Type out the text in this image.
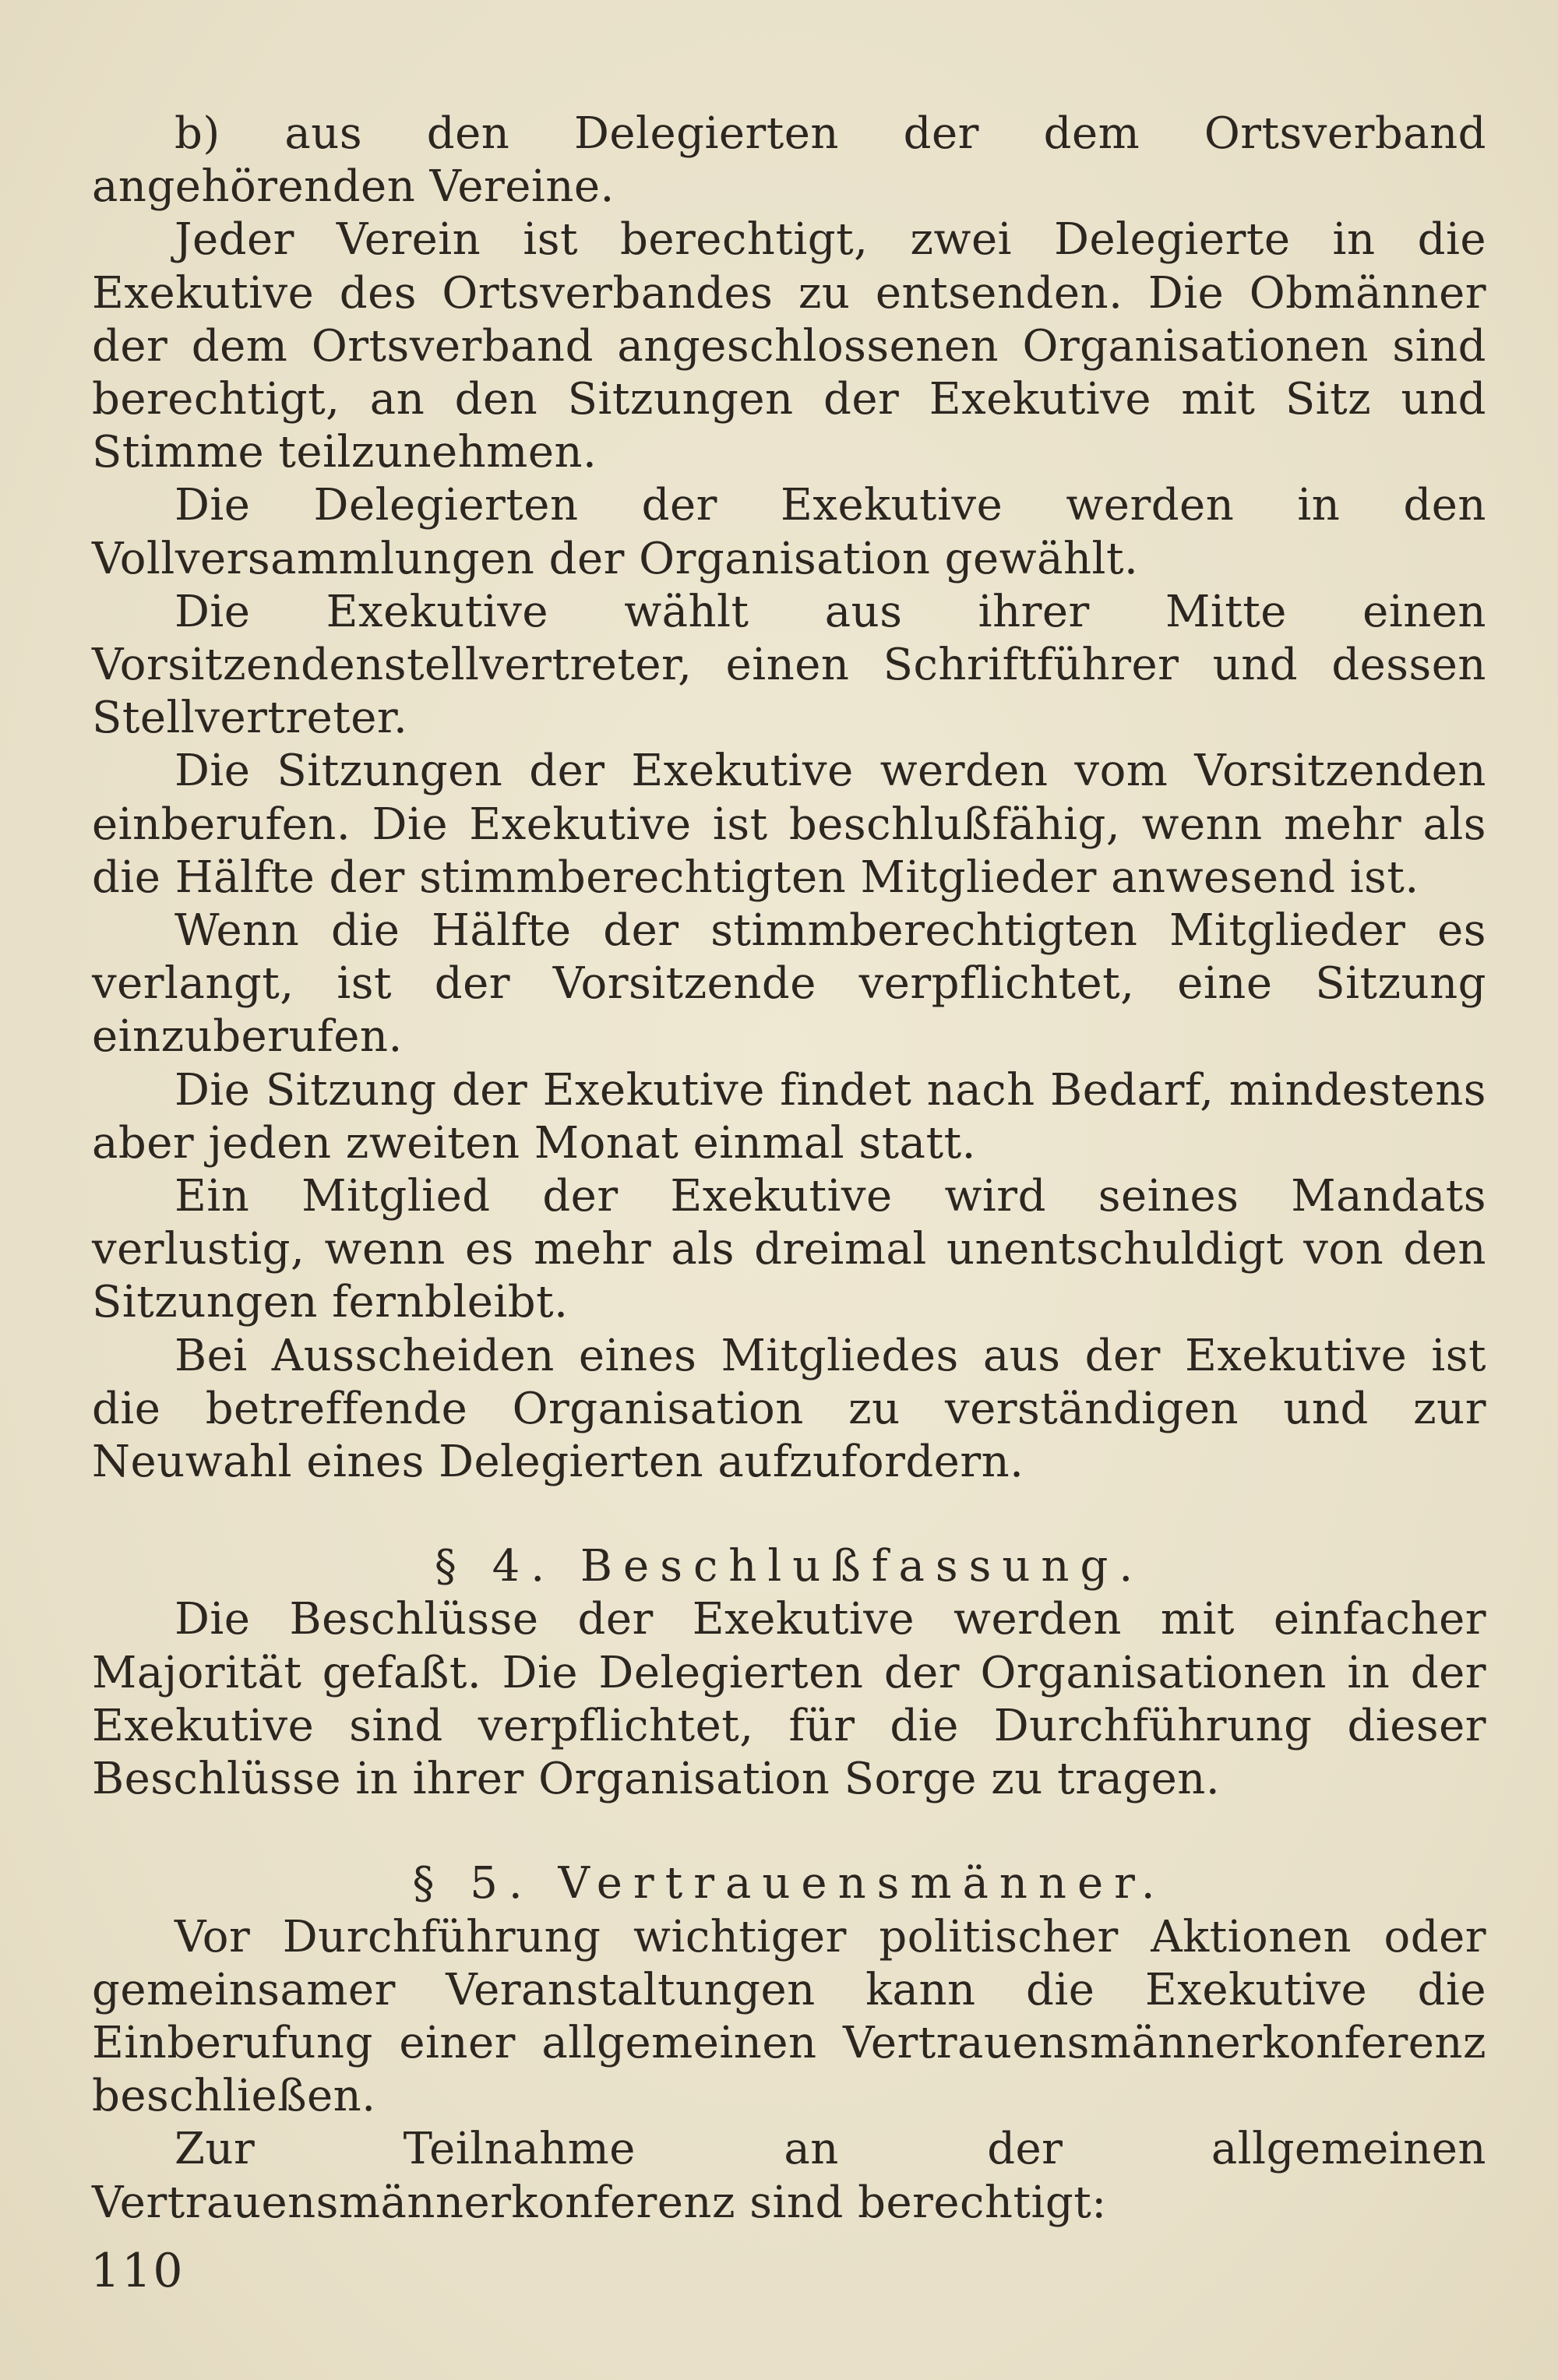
b) aus den Delegierten der dem Ortsverband angehörenden Vereine.

Jeder Verein ist berechtigt, zwei Delegierte in die Exekutive des Ortsverbandes zu entsenden. Die Obmänner der dem Ortsverband angeschlossenen Organisationen sind berechtigt, an den Sitzungen der Exekutive mit Sitz und Stimme teilzunehmen.

Die Delegierten der Exekutive werden in den Vollversammlungen der Organisation gewählt.

Die Exekutive wählt aus ihrer Mitte einen Vorsitzendenstellvertreter, einen Schriftführer und dessen Stellvertreter.

Die Sitzungen der Exekutive werden vom Vorsitzenden einberufen. Die Exekutive ist beschlußfähig, wenn mehr als die Hälfte der stimmberechtigten Mitglieder anwesend ist.

Wenn die Hälfte der stimmberechtigten Mitglieder es verlangt, ist der Vorsitzende verpflichtet, eine Sitzung einzuberufen.

Die Sitzung der Exekutive findet nach Bedarf, mindestens aber jeden zweiten Monat einmal statt.

Ein Mitglied der Exekutive wird seines Mandats verlustig, wenn es mehr als dreimal unentschuldigt von den Sitzungen fernbleibt.

Bei Ausscheiden eines Mitgliedes aus der Exekutive ist die betreffende Organisation zu verständigen und zur Neuwahl eines Delegierten aufzufordern.

§ 4. Beschlußfassung.

Die Beschlüsse der Exekutive werden mit einfacher Majorität gefaßt. Die Delegierten der Organisationen in der Exekutive sind verpflichtet, für die Durchführung dieser Beschlüsse in ihrer Organisation Sorge zu tragen.

§ 5. Vertrauensmänner.

Vor Durchführung wichtiger politischer Aktionen oder gemeinsamer Veranstaltungen kann die Exekutive die Einberufung einer allgemeinen Vertrauensmännerkonferenz beschließen.

Zur Teilnahme an der allgemeinen Vertrauensmännerkonferenz sind berechtigt:

110
